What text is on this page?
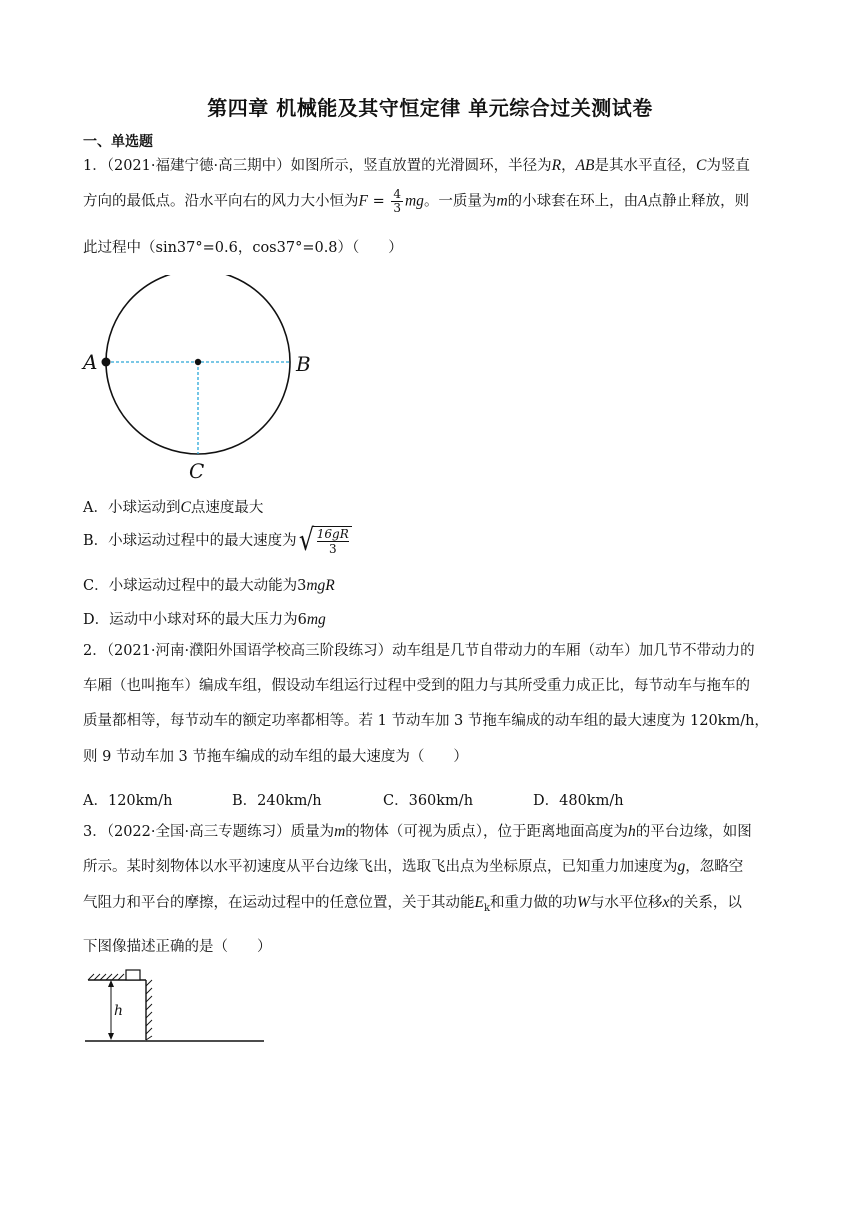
第四章 机械能及其守恒定律 单元综合过关测试卷
一、单选题
1．（2021·福建宁德·高三期中）如图所示，竖直放置的光滑圆环，半径为R，AB是其水平直径，C为竖直
方向的最低点。沿水平向右的风力大小恒为$F = \frac{4}{3}$ mg。一质量为m的小球套在环上，由A点静止释放，则
此过程中（sin37°=0.6，cos37°=0.8）（　　）
A	B
C
A．小球运动到C点速度最大
B．小球运动过程中的最大速度为 √ 16gR
3
C．小球运动过程中的最大动能为3mgR
D．运动中小球对环的最大压力为6mg
2．（2021·河南·濮阳外国语学校高三阶段练习）动车组是几节自带动力的车厢（动车）加几节不带动力的
车厢（也叫拖车）编成车组，假设动车组运行过程中受到的阻力与其所受重力成正比，每节动车与拖车的
质量都相等，每节动车的额定功率都相等。若 1 节动车加 3 节拖车编成的动车组的最大速度为 120km/h，
则 9 节动车加 3 节拖车编成的动车组的最大速度为（　　）
A．120km/h	B．240km/h	C．360km/h	D．480km/h
3．（2022·全国·高三专题练习）质量为m的物体（可视为质点），位于距离地面高度为h的平台边缘，如图
所示。某时刻物体以水平初速度从平台边缘飞出，选取飞出点为坐标原点，已知重力加速度为g，忽略空
气阻力和平台的摩擦，在运动过程中的任意位置，关于其动能$E_k$和重力做的功W与水平位移x的关系，以
下图像描述正确的是（　　）
h
